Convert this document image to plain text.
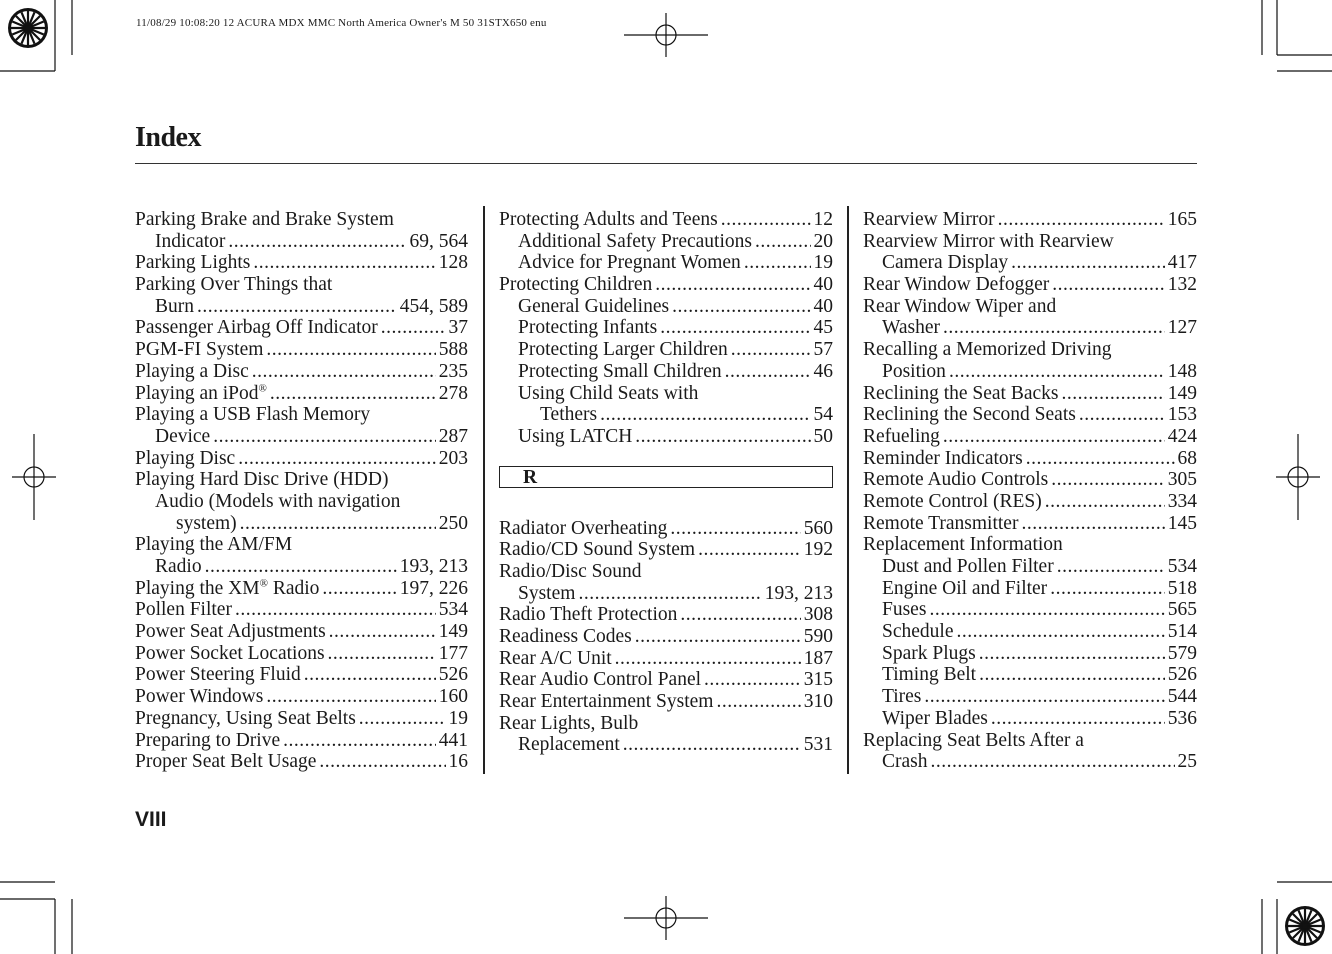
11/08/29 10:08:20 12 ACURA MDX MMC North America Owner's M 50 31STX650 enu
Index
Parking Brake and Brake System
Indicator .....	69, 564
Parking Lights .....	128
Parking Over Things that
Burn .....	454, 589
Passenger Airbag Off Indicator .....	37
PGM-FI System .....	588
Playing a Disc .....	235
Playing an iPod® .....	278
Playing a USB Flash Memory
Device .....	287
Playing Disc .....	203
Playing Hard Disc Drive (HDD)
Audio (Models with navigation
system) .....	250
Playing the AM/FM
Radio .....	193, 213
Playing the XM® Radio .....	197, 226
Pollen Filter .....	534
Power Seat Adjustments .....	149
Power Socket Locations .....	177
Power Steering Fluid .....	526
Power Windows .....	160
Pregnancy, Using Seat Belts .....	19
Preparing to Drive .....	441
Proper Seat Belt Usage .....	16
Protecting Adults and Teens .....	12
Additional Safety Precautions .....	20
Advice for Pregnant Women .....	19
Protecting Children .....	40
General Guidelines .....	40
Protecting Infants .....	45
Protecting Larger Children .....	57
Protecting Small Children .....	46
Using Child Seats with
Tethers .....	54
Using LATCH .....	50
R
Radiator Overheating .....	560
Radio/CD Sound System .....	192
Radio/Disc Sound
System .....	193, 213
Radio Theft Protection .....	308
Readiness Codes .....	590
Rear A/C Unit .....	187
Rear Audio Control Panel .....	315
Rear Entertainment System .....	310
Rear Lights, Bulb
Replacement .....	531
Rearview Mirror .....	165
Rearview Mirror with Rearview
Camera Display .....	417
Rear Window Defogger .....	132
Rear Window Wiper and
Washer .....	127
Recalling a Memorized Driving
Position .....	148
Reclining the Seat Backs .....	149
Reclining the Second Seats .....	153
Refueling .....	424
Reminder Indicators .....	68
Remote Audio Controls .....	305
Remote Control (RES) .....	334
Remote Transmitter .....	145
Replacement Information
Dust and Pollen Filter .....	534
Engine Oil and Filter .....	518
Fuses .....	565
Schedule .....	514
Spark Plugs .....	579
Timing Belt .....	526
Tires .....	544
Wiper Blades .....	536
Replacing Seat Belts After a
Crash .....	25
VIII
